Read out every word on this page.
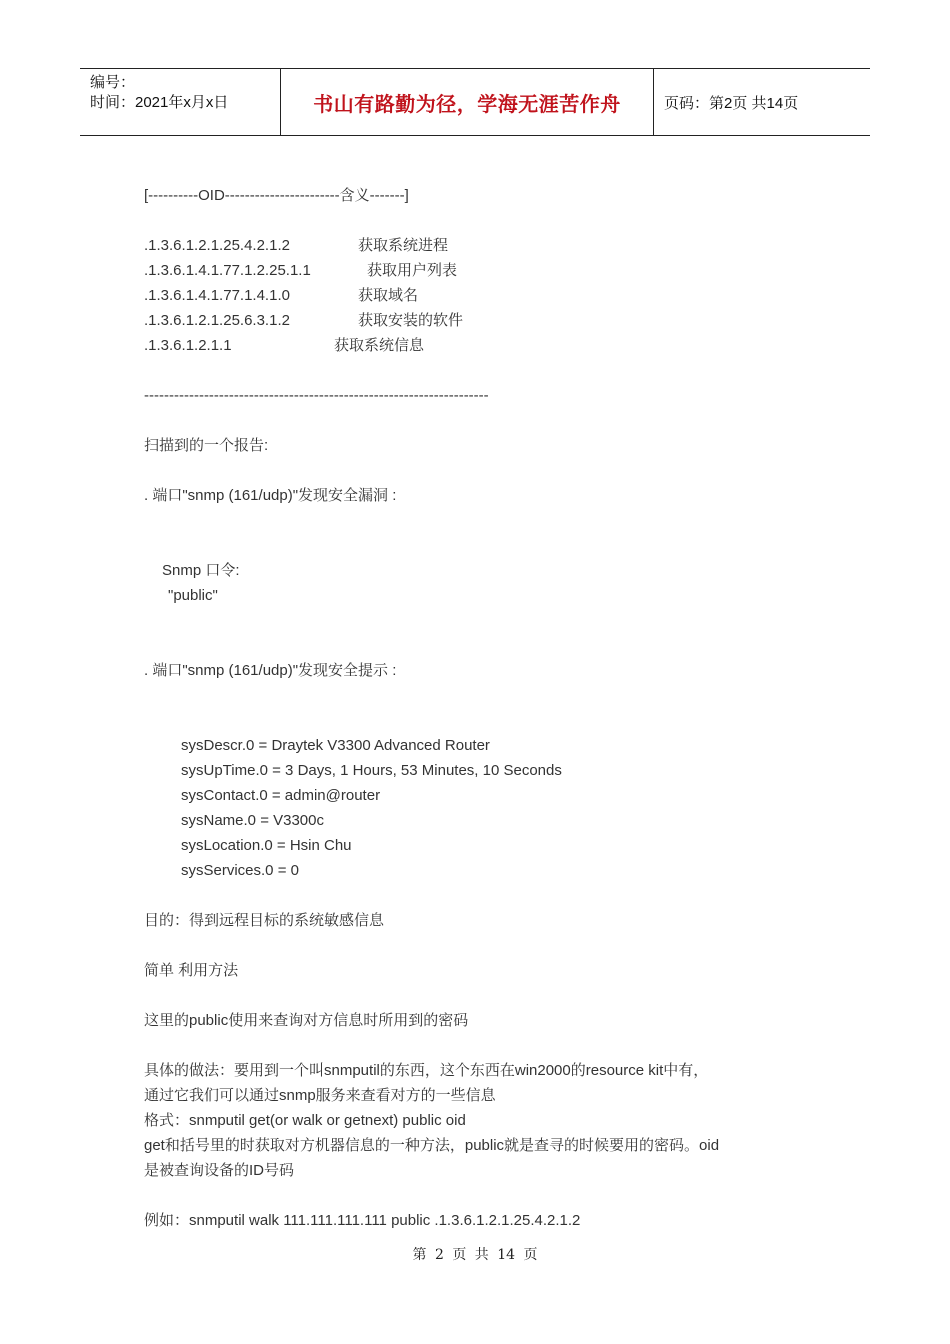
编号：
时间：2021年x月x日	书山有路勤为径，学海无涯苦作舟	页码：第2页 共14页
[----------OID-----------------------含义-------]
.1.3.6.1.2.1.25.4.2.1.2	获取系统进程
.1.3.6.1.4.1.77.1.2.25.1.1	获取用户列表
.1.3.6.1.4.1.77.1.4.1.0	获取域名
.1.3.6.1.2.1.25.6.3.1.2	获取安装的软件
.1.3.6.1.2.1.1	获取系统信息
---------------------------------------------------------------------
扫描到的一个报告:
. 端口"snmp (161/udp)"发现安全漏洞 :
Snmp 口令:
"public"
. 端口"snmp (161/udp)"发现安全提示 :
sysDescr.0 = Draytek V3300 Advanced Router
sysUpTime.0 = 3 Days, 1 Hours, 53 Minutes, 10 Seconds
sysContact.0 = admin@router
sysName.0 = V3300c
sysLocation.0 = Hsin Chu
sysServices.0 = 0
目的：得到远程目标的系统敏感信息
简单 利用方法
这里的public使用来查询对方信息时所用到的密码
具体的做法：要用到一个叫snmputil的东西，这个东西在win2000的resource kit中有，
通过它我们可以通过snmp服务来查看对方的一些信息
格式：snmputil get(or walk or getnext) public oid
get和括号里的时获取对方机器信息的一种方法，public就是查寻的时候要用的密码。oid
是被查询设备的ID号码
例如：snmputil walk 111.111.111.111 public .1.3.6.1.2.1.25.4.2.1.2
第 2 页 共 14 页
